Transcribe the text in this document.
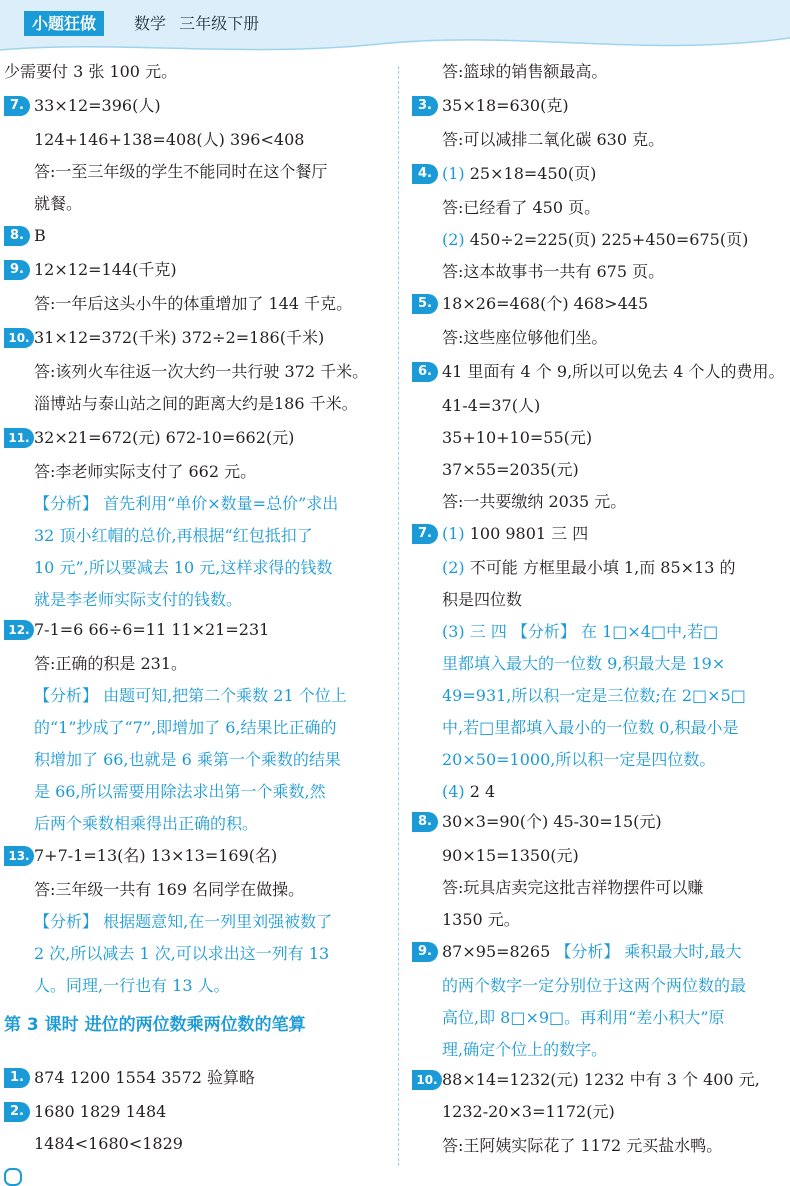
小题狂做	数学 三年级下册
第 3 课时 进位的两位数乘两位数的笔算
少需要付 3 张 100 元。
7. 33×12=396(人)
124+146+138=408(人) 396<408
答:一至三年级的学生不能同时在这个餐厅
就餐。
8. B
9. 12×12=144(千克)
答:一年后这头小牛的体重增加了 144 千克。
10. 31×12=372(千米) 372÷2=186(千米)
答:该列火车往返一次大约一共行驶 372 千米。
淄博站与泰山站之间的距离大约是186 千米。
11. 32×21=672(元) 672-10=662(元)
答:李老师实际支付了 662 元。
【分析】 首先利用“单价×数量=总价”求出
32 顶小红帽的总价,再根据“红包抵扣了
10 元”,所以要减去 10 元,这样求得的钱数
就是李老师实际支付的钱数。
12. 7-1=6 66÷6=11 11×21=231
答:正确的积是 231。
【分析】 由题可知,把第二个乘数 21 个位上
的“1”抄成了“7”,即增加了 6,结果比正确的
积增加了 66,也就是 6 乘第一个乘数的结果
是 66,所以需要用除法求出第一个乘数,然
后两个乘数相乘得出正确的积。
13. 7+7-1=13(名) 13×13=169(名)
答:三年级一共有 169 名同学在做操。
【分析】 根据题意知,在一列里刘强被数了
2 次,所以减去 1 次,可以求出这一列有 13
人。同理,一行也有 13 人。
1. 874 1200 1554 3572 验算略
2. 1680 1829 1484
1484<1680<1829
答:篮球的销售额最高。
3. 35×18=630(克)
答:可以减排二氧化碳 630 克。
4. (1) 25×18=450(页)
答:已经看了 450 页。
(2) 450÷2=225(页) 225+450=675(页)
答:这本故事书一共有 675 页。
5. 18×26=468(个) 468>445
答:这些座位够他们坐。
6. 41 里面有 4 个 9,所以可以免去 4 个人的费用。
41-4=37(人)
35+10+10=55(元)
37×55=2035(元)
答:一共要缴纳 2035 元。
7. (1) 100 9801 三 四
(2) 不可能 方框里最小填 1,而 85×13 的
积是四位数
(3) 三 四 【分析】 在 1□×4□中,若□
里都填入最大的一位数 9,积最大是 19×
49=931,所以积一定是三位数;在 2□×5□
中,若□里都填入最小的一位数 0,积最小是
20×50=1000,所以积一定是四位数。
(4) 2 4
8. 30×3=90(个) 45-30=15(元)
90×15=1350(元)
答:玩具店卖完这批吉祥物摆件可以赚
1350 元。
9. 87×95=8265 【分析】 乘积最大时,最大
的两个数字一定分别位于这两个两位数的最
高位,即 8□×9□。再利用“差小积大”原
理,确定个位上的数字。
10. 88×14=1232(元) 1232 中有 3 个 400 元,
1232-20×3=1172(元)
答:王阿姨实际花了 1172 元买盐水鸭。
